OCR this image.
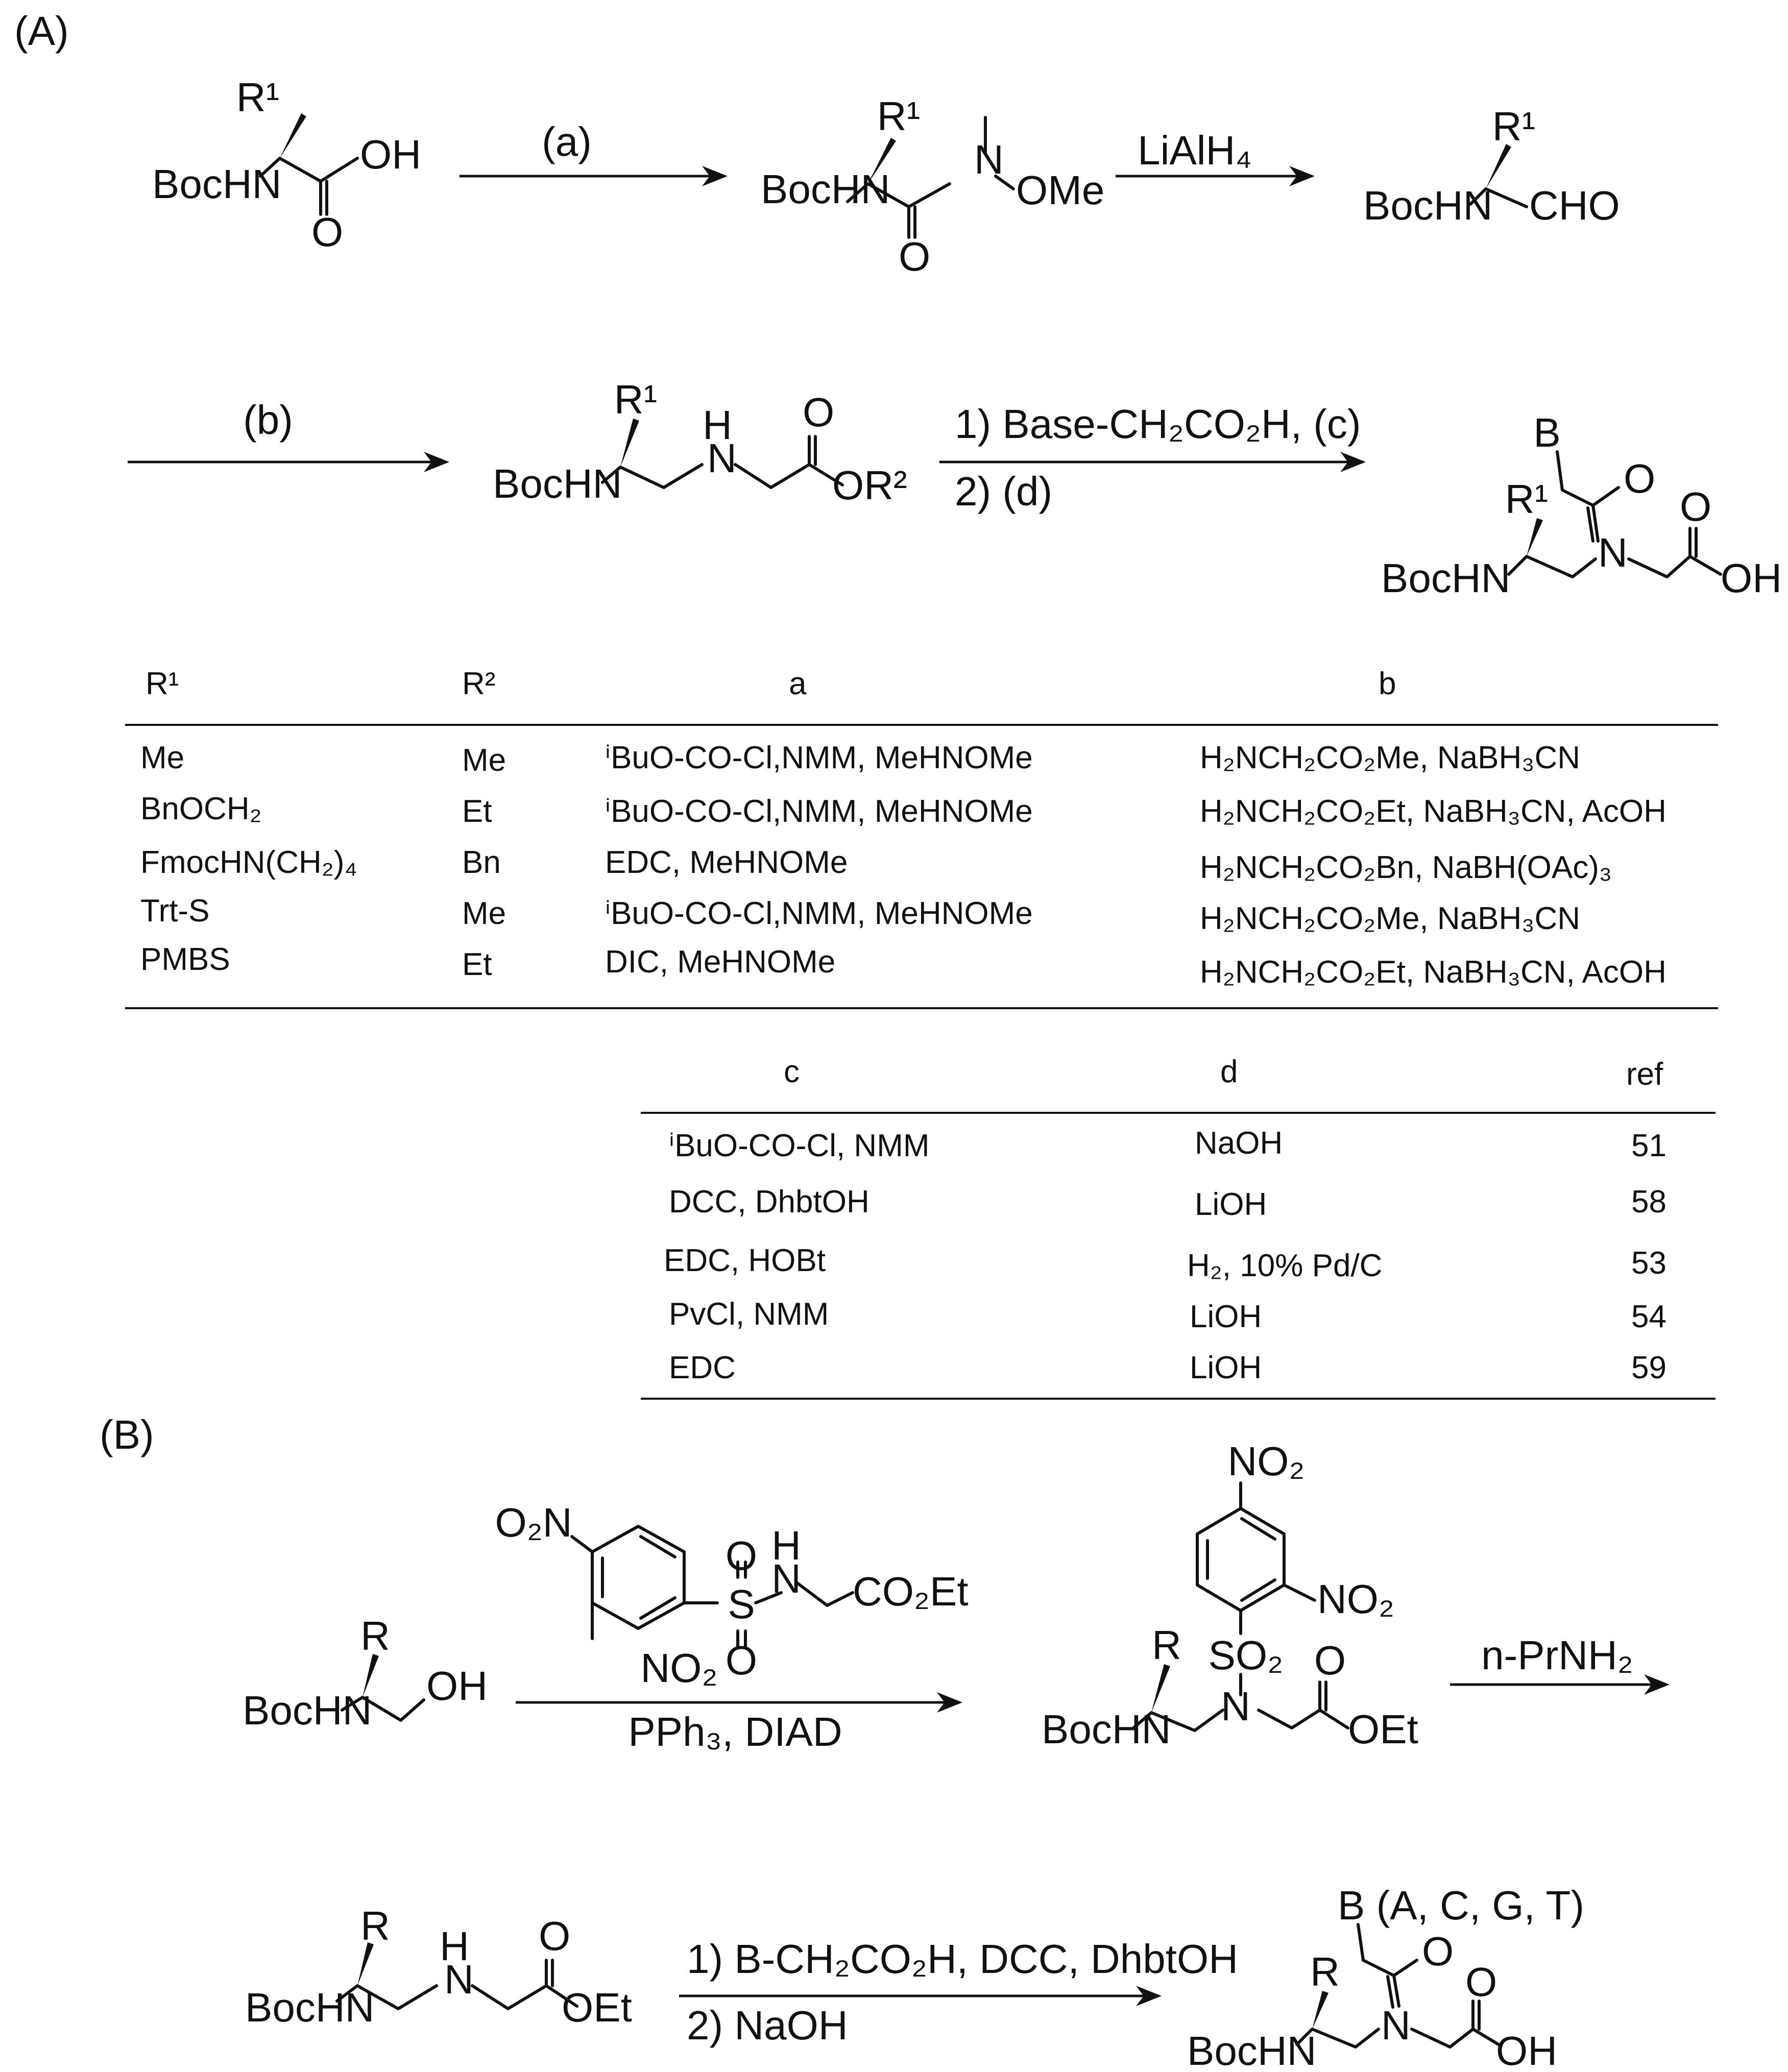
(A)
R¹
BocHN
OH
O
(a)
R¹
BocHN
N
OMe
O
LiAlH₄
R¹
BocHN CHO
(b)	R¹
BocHN
H
N
O
OR²
1) Base-CH₂CO₂H, (c)
2) (d)
B
O
R¹	O
BocHN
N
OH
R¹	R²	a	b
Me	Me	ⁱBuO-CO-Cl,NMM, MeHNOMe	H₂NCH₂CO₂Me, NaBH₃CN
BnOCH₂	Et	ⁱBuO-CO-Cl,NMM, MeHNOMe	H₂NCH₂CO₂Et, NaBH₃CN, AcOH
FmocHN(CH₂)₄	Bn	EDC, MeHNOMe	H₂NCH₂CO₂Bn, NaBH(OAc)₃
Trt-S	Me	ⁱBuO-CO-Cl,NMM, MeHNOMe	H₂NCH₂CO₂Me, NaBH₃CN
PMBS	Et	DIC, MeHNOMe	H₂NCH₂CO₂Et, NaBH₃CN, AcOH
c	d	ref
ⁱBuO-CO-Cl, NMM	NaOH	51
DCC, DhbtOH	LiOH	58
EDC, HOBt	H₂, 10% Pd/C	53
PvCl, NMM	LiOH	54
EDC	LiOH	59
(B)
R
BocHN
OH
O₂N
NO₂
S
O
O
H
N CO₂Et
PPh₃, DIAD
NO₂
NO₂
SO₂
R	O
BocHN
N
OEt
n-PrNH₂
R H
N
O
BocHN	OEt
1) B-CH₂CO₂H, DCC, DhbtOH
2) NaOH
B (A, C, G, T)
O
R	O
BocHN
N
OH
